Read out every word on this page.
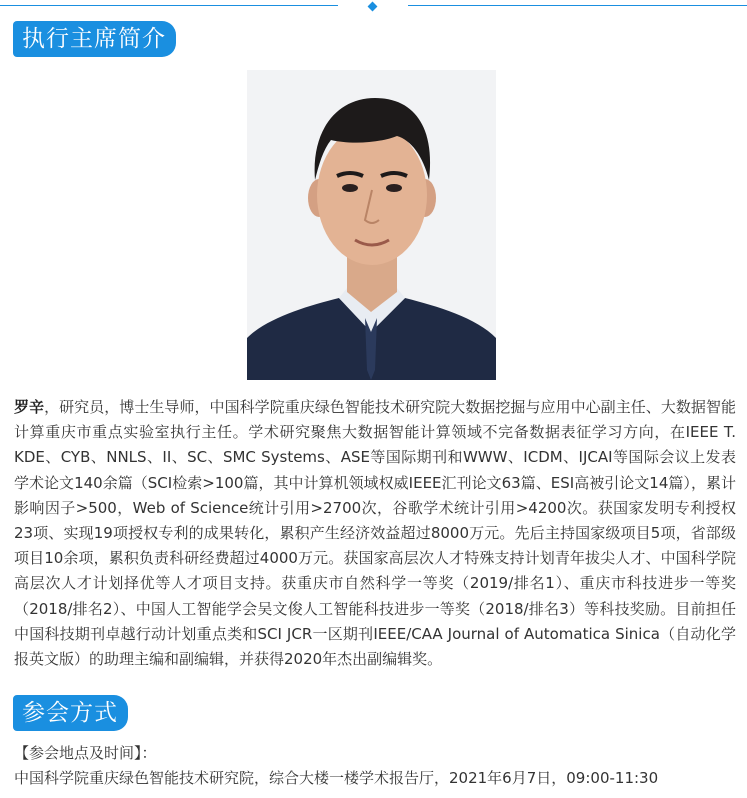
执行主席简介

罗辛，研究员，博士生导师，中国科学院重庆绿色智能技术研究院大数据挖掘与应用中心副主任、大数据智能计算重庆市重点实验室执行主任。学术研究聚焦大数据智能计算领域不完备数据表征学习方向，在IEEE T. KDE、CYB、NNLS、II、SC、SMC Systems、ASE等国际期刊和WWW、ICDM、IJCAI等国际会议上发表学术论文140余篇（SCI检索>100篇，其中计算机领域权威IEEE汇刊论文63篇、ESI高被引论文14篇），累计影响因子>500，Web of Science统计引用>2700次，谷歌学术统计引用>4200次。获国家发明专利授权23项、实现19项授权专利的成果转化，累积产生经济效益超过8000万元。先后主持国家级项目5项，省部级项目10余项，累积负责科研经费超过4000万元。获国家高层次人才特殊支持计划青年拔尖人才、中国科学院高层次人才计划择优等人才项目支持。获重庆市自然科学一等奖（2019/排名1）、重庆市科技进步一等奖（2018/排名2）、中国人工智能学会吴文俊人工智能科技进步一等奖（2018/排名3）等科技奖励。目前担任中国科技期刊卓越行动计划重点类和SCI JCR一区期刊IEEE/CAA Journal of Automatica Sinica（自动化学报英文版）的助理主编和副编辑，并获得2020年杰出副编辑奖。

参会方式
【参会地点及时间】：
中国科学院重庆绿色智能技术研究院，综合大楼一楼学术报告厅，2021年6月7日，09:00-11:30
